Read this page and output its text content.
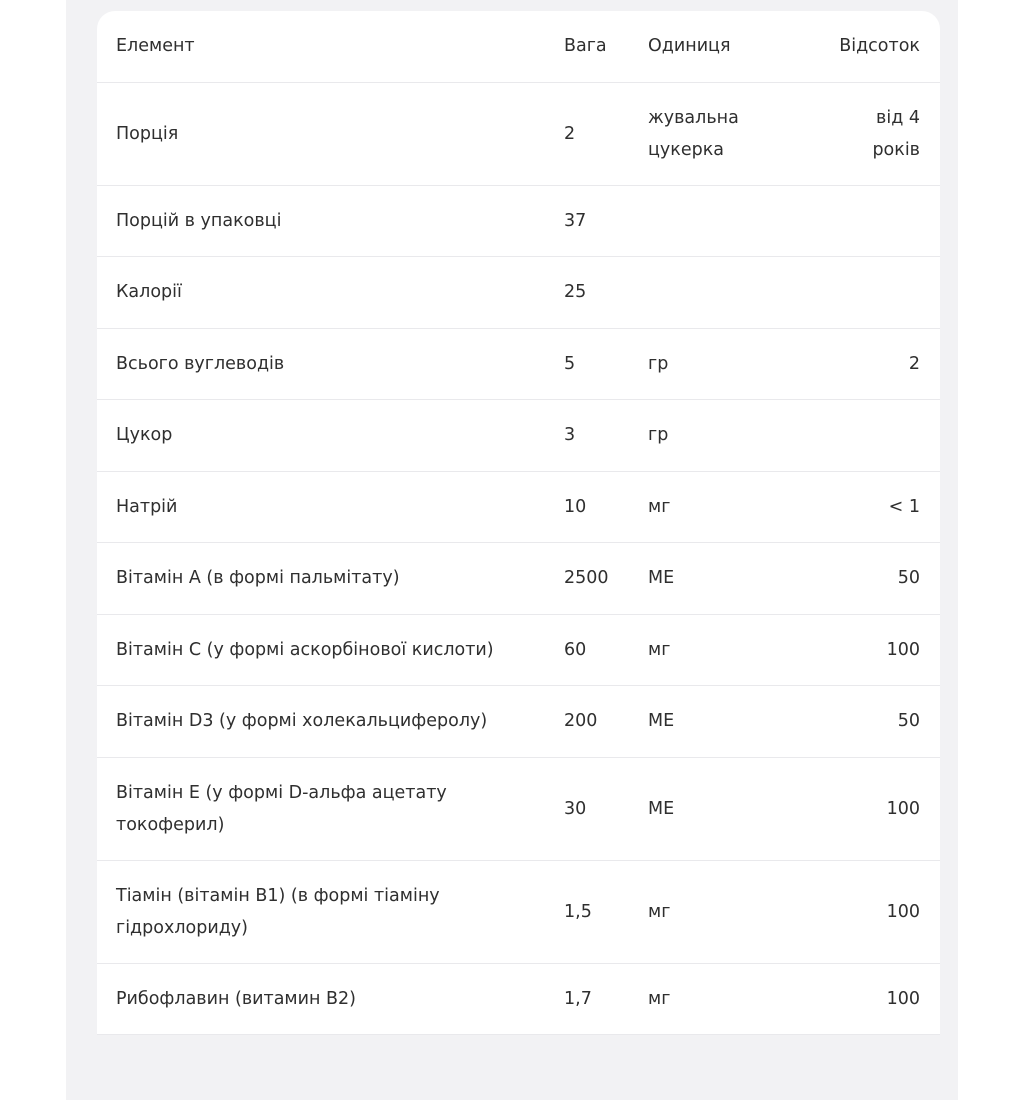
Елемент	Вага	Одиниця	Відсоток
Порція	2	жувальна цукерка	від 4 років
Порцій в упаковці	37		
Калорії	25		
Всього вуглеводів	5	гр	2
Цукор	3	гр	
Натрій	10	мг	< 1
Вітамін А (в формі пальмітату)	2500	МЕ	50
Вітамін С (у формі аскорбінової кислоти)	60	мг	100
Вітамін D3 (у формі холекальциферолу)	200	МЕ	50
Вітамін Е (у формі D-альфа ацетату токоферил)	30	МЕ	100
Тіамін (вітамін В1) (в формі тіаміну гідрохлориду)	1,5	мг	100
Рибофлавин (витамин В2)	1,7	мг	100
